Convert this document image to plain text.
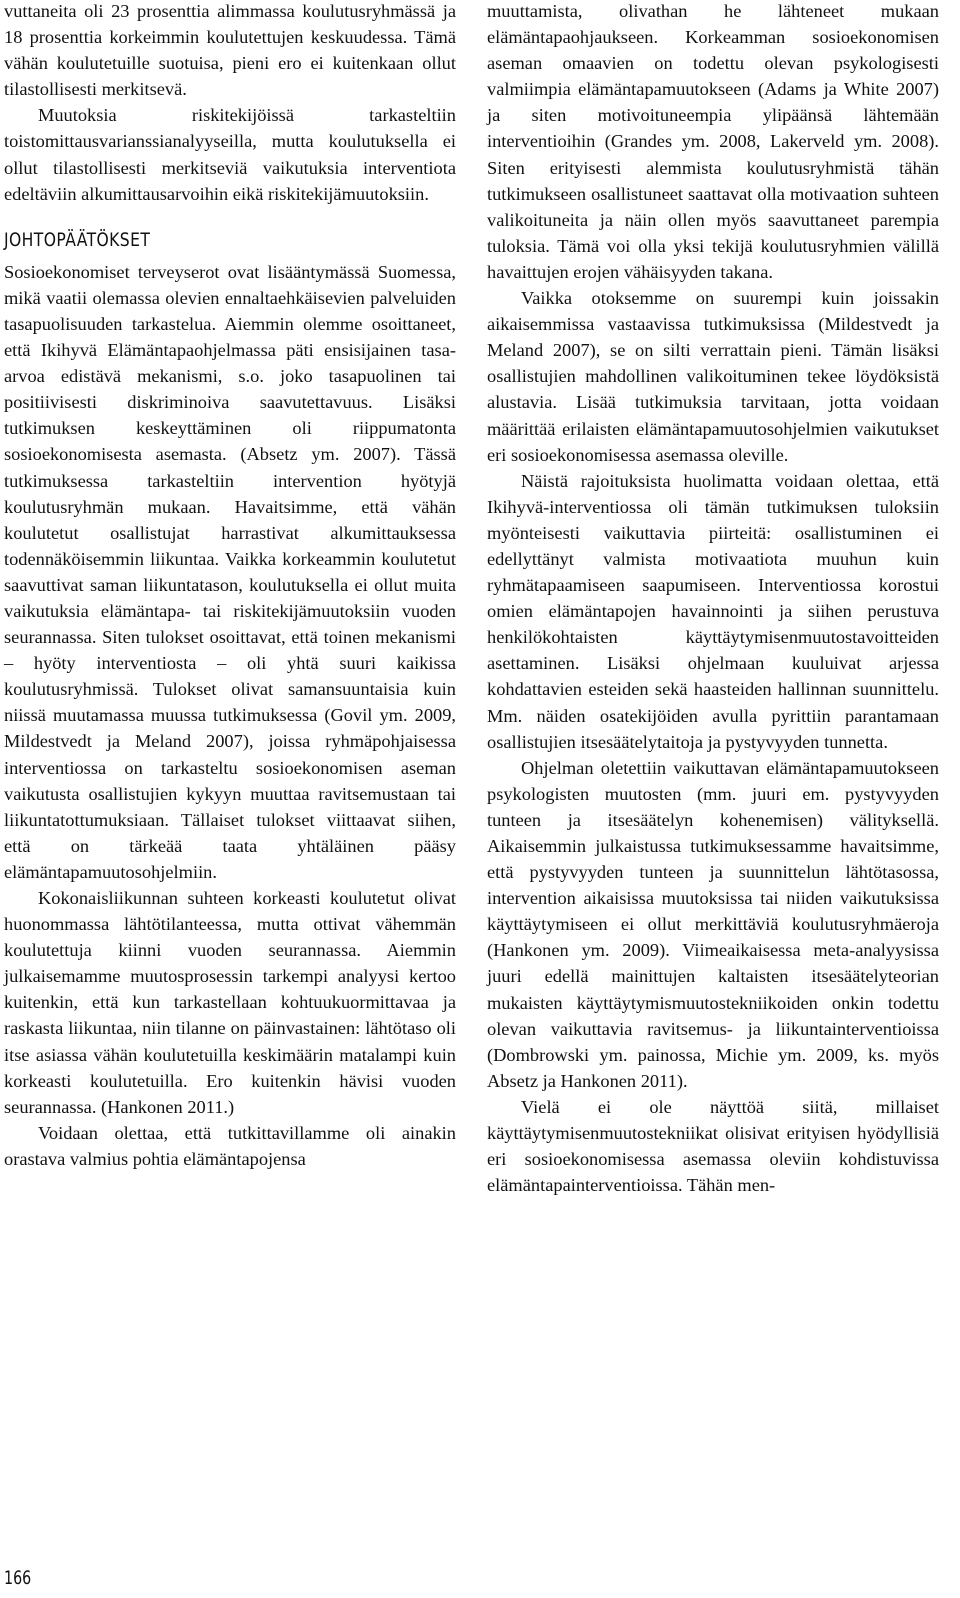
vuttaneita oli 23 prosenttia alimmassa koulutusryhmässä ja 18 prosenttia korkeimmin koulutettujen keskuudessa. Tämä vähän koulutetuille suotuisa, pieni ero ei kuitenkaan ollut tilastollisesti merkitsevä.

Muutoksia riskitekijöissä tarkasteltiin toistomittausvarianssianalyyseilla, mutta koulutuksella ei ollut tilastollisesti merkitseviä vaikutuksia interventiota edeltäviin alkumittausarvoihin eikä riskitekijämuutoksiin.

JOHTOPÄÄTÖKSET

Sosioekonomiset terveyserot ovat lisääntymässä Suomessa, mikä vaatii olemassa olevien ennaltaehkäisevien palveluiden tasapuolisuuden tarkastelua. Aiemmin olemme osoittaneet, että Ikihyvä Elämäntapaohjelmassa päti ensisijainen tasa-arvoa edistävä mekanismi, s.o. joko tasapuolinen tai positiivisesti diskriminoiva saavutettavuus. Lisäksi tutkimuksen keskeyttäminen oli riippumatonta sosioekonomisesta asemasta. (Absetz ym. 2007). Tässä tutkimuksessa tarkasteltiin intervention hyötyjä koulutusryhmän mukaan. Havaitsimme, että vähän koulutetut osallistujat harrastivat alkumittauksessa todennäköisemmin liikuntaa. Vaikka korkeammin koulutetut saavuttivat saman liikuntatason, koulutuksella ei ollut muita vaikutuksia elämäntapa- tai riskitekijämuutoksiin vuoden seurannassa. Siten tulokset osoittavat, että toinen mekanismi – hyöty interventiosta – oli yhtä suuri kaikissa koulutusryhmissä. Tulokset olivat samansuuntaisia kuin niissä muutamassa muussa tutkimuksessa (Govil ym. 2009, Mildestvedt ja Meland 2007), joissa ryhmäpohjaisessa interventiossa on tarkasteltu sosioekonomisen aseman vaikutusta osallistujien kykyyn muuttaa ravitsemustaan tai liikuntatottumuksiaan. Tällaiset tulokset viittaavat siihen, että on tärkeää taata yhtäläinen pääsy elämäntapamuutosohjelmiin.

Kokonaisliikunnan suhteen korkeasti koulutetut olivat huonommassa lähtötilanteessa, mutta ottivat vähemmän koulutettuja kiinni vuoden seurannassa. Aiemmin julkaisemamme muutosprosessin tarkempi analyysi kertoo kuitenkin, että kun tarkastellaan kohtuukuormittavaa ja raskasta liikuntaa, niin tilanne on päinvastainen: lähtötaso oli itse asiassa vähän koulutetuilla keskimäärin matalampi kuin korkeasti koulutetuilla. Ero kuitenkin hävisi vuoden seurannassa. (Hankonen 2011.)

Voidaan olettaa, että tutkittavillamme oli ainakin orastava valmius pohtia elämäntapojensa

muuttamista, olivathan he lähteneet mukaan elämäntapaohjaukseen. Korkeamman sosioekonomisen aseman omaavien on todettu olevan psykologisesti valmiimpia elämäntapamuutokseen (Adams ja White 2007) ja siten motivoituneempia ylipäänsä lähtemään interventioihin (Grandes ym. 2008, Lakerveld ym. 2008). Siten erityisesti alemmista koulutusryhmistä tähän tutkimukseen osallistuneet saattavat olla motivaation suhteen valikoituneita ja näin ollen myös saavuttaneet parempia tuloksia. Tämä voi olla yksi tekijä koulutusryhmien välillä havaittujen erojen vähäisyyden takana.

Vaikka otoksemme on suurempi kuin joissakin aikaisemmissa vastaavissa tutkimuksissa (Mildestvedt ja Meland 2007), se on silti verrattain pieni. Tämän lisäksi osallistujien mahdollinen valikoituminen tekee löydöksistä alustavia. Lisää tutkimuksia tarvitaan, jotta voidaan määrittää erilaisten elämäntapamuutosohjelmien vaikutukset eri sosioekonomisessa asemassa oleville.

Näistä rajoituksista huolimatta voidaan olettaa, että Ikihyvä-interventiossa oli tämän tutkimuksen tuloksiin myönteisesti vaikuttavia piirteitä: osallistuminen ei edellyttänyt valmista motivaatiota muuhun kuin ryhmätapaamiseen saapumiseen. Interventiossa korostui omien elämäntapojen havainnointi ja siihen perustuva henkilökohtaisten käyttäytymisenmuutostavoitteiden asettaminen. Lisäksi ohjelmaan kuuluivat arjessa kohdattavien esteiden sekä haasteiden hallinnan suunnittelu. Mm. näiden osatekijöiden avulla pyrittiin parantamaan osallistujien itsesäätelytaitoja ja pystyvyyden tunnetta.

Ohjelman oletettiin vaikuttavan elämäntapamuutokseen psykologisten muutosten (mm. juuri em. pystyvyyden tunteen ja itsesäätelyn kohenemisen) välityksellä. Aikaisemmin julkaistussa tutkimuksessamme havaitsimme, että pystyvyyden tunteen ja suunnittelun lähtötasossa, intervention aikaisissa muutoksissa tai niiden vaikutuksissa käyttäytymiseen ei ollut merkittäviä koulutusryhmäeroja (Hankonen ym. 2009). Viimeaikaisessa meta-analyysissa juuri edellä mainittujen kaltaisten itsesäätelyteorian mukaisten käyttäytymismuutostekniikoiden onkin todettu olevan vaikuttavia ravitsemus- ja liikuntainterventioissa (Dombrowski ym. painossa, Michie ym. 2009, ks. myös Absetz ja Hankonen 2011).

Vielä ei ole näyttöä siitä, millaiset käyttäytymisenmuutostekniikat olisivat erityisen hyödyllisiä eri sosioekonomisessa asemassa oleviin kohdistuvissa elämäntapainterventioissa. Tähän men-

166
